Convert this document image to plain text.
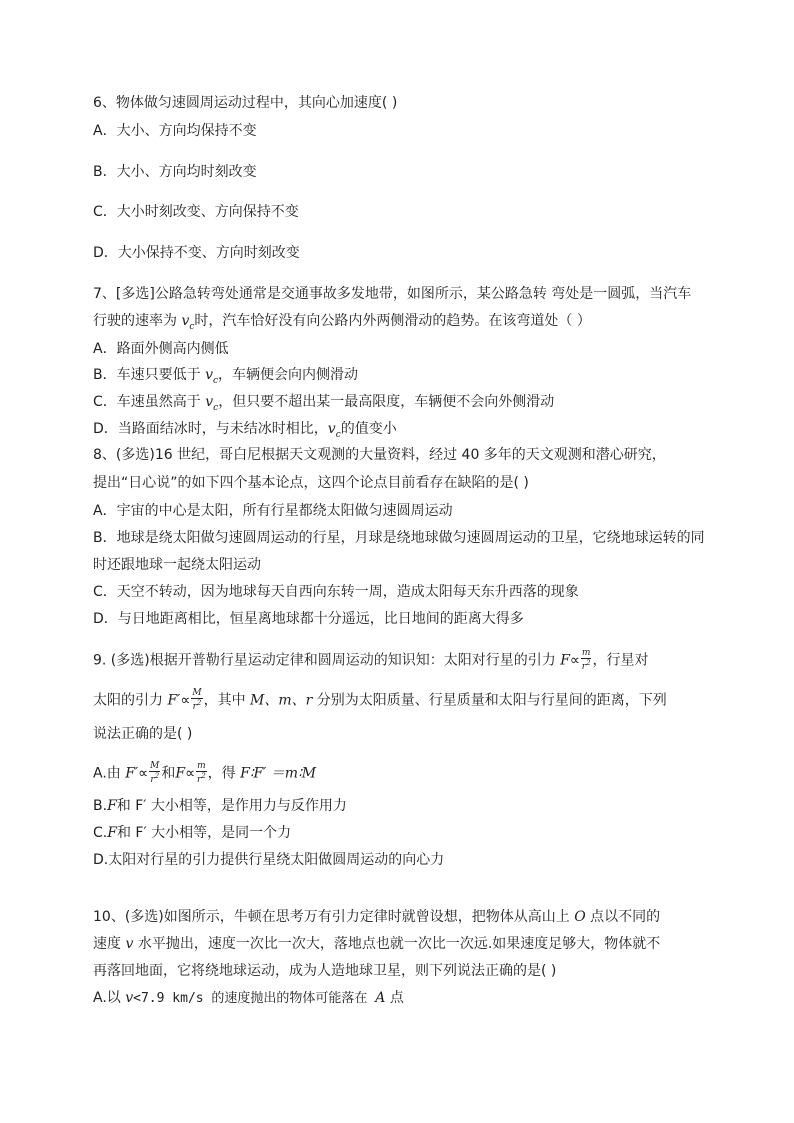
6、物体做匀速圆周运动过程中，其向心加速度( )
A．大小、方向均保持不变
B．大小、方向均时刻改变
C．大小时刻改变、方向保持不变
D．大小保持不变、方向时刻改变
7、[多选]公路急转弯处通常是交通事故多发地带，如图所示，某公路急转 弯处是一圆弧，当汽车
行驶的速率为 $v_c$时，汽车恰好没有向公路内外两侧滑动的趋势。在该弯道处（ ）
A．路面外侧高内侧低
B．车速只要低于 $v_c$，车辆便会向内侧滑动
C．车速虽然高于 $v_c$，但只要不超出某一最高限度，车辆便不会向外侧滑动
D．当路面结冰时，与未结冰时相比，$v_c$的值变小
8、(多选)16 世纪，哥白尼根据天文观测的大量资料，经过 40 多年的天文观测和潜心研究，
提出“日心说”的如下四个基本论点，这四个论点目前看存在缺陷的是( )
A．宇宙的中心是太阳，所有行星都绕太阳做匀速圆周运动
B．地球是绕太阳做匀速圆周运动的行星，月球是绕地球做匀速圆周运动的卫星，它绕地球运转的同
时还跟地球一起绕太阳运动
C．天空不转动，因为地球每天自西向东转一周，造成太阳每天东升西落的现象
D．与日地距离相比，恒星离地球都十分遥远，比日地间的距离大得多
9. (多选)根据开普勒行星运动定律和圆周运动的知识知：太阳对行星的引力 $F\propto \frac{m}{r^2}$ ，行星对
太阳的引力 $F'\propto \frac{M}{r^2}$ ，其中 M、m、r 分别为太阳质量、行星质量和太阳与行星间的距离，下列
说法正确的是( )
A.由 $F'\propto \frac{M}{r^2}$ 和$F\propto \frac{m}{r^2}$ ，得 F∶F′ ＝m∶M
B.F和 F′ 大小相等，是作用力与反作用力
C.F和 F′ 大小相等，是同一个力
D.太阳对行星的引力提供行星绕太阳做圆周运动的向心力
10、(多选)如图所示，牛顿在思考万有引力定律时就曾设想，把物体从高山上 O 点以不同的
速度 v 水平抛出，速度一次比一次大，落地点也就一次比一次远.如果速度足够大，物体就不
再落回地面，它将绕地球运动，成为人造地球卫星，则下列说法正确的是( )
A.以 v<7.9 km/s 的速度抛出的物体可能落在 A 点
